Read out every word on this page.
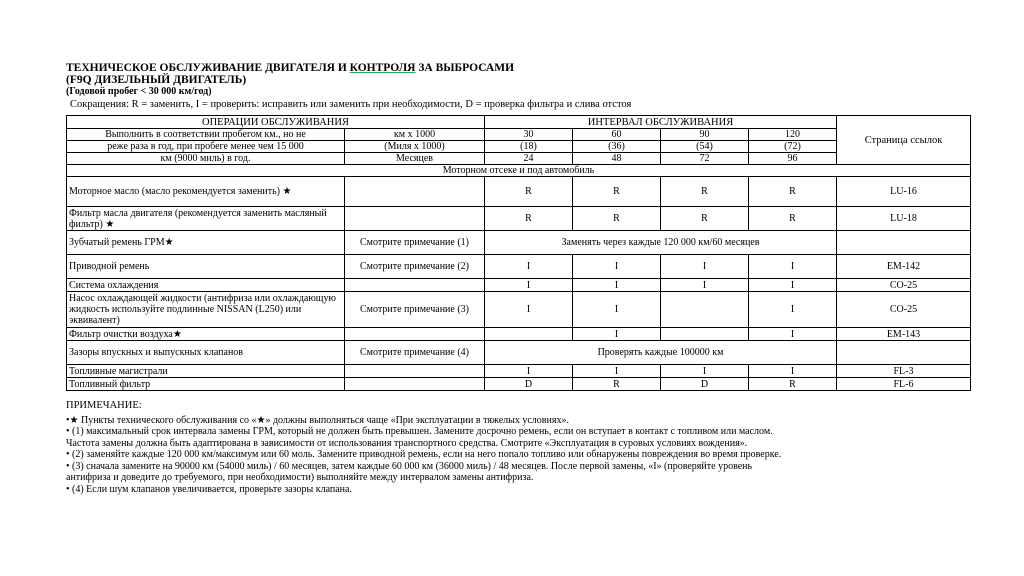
ТЕХНИЧЕСКОЕ ОБСЛУЖИВАНИЕ ДВИГАТЕЛЯ И КОНТРОЛЯ ЗА ВЫБРОСАМИ
(F9Q ДИЗЕЛЬНЫЙ ДВИГАТЕЛЬ)
(Годовой пробег < 30 000 км/год)
Сокращения: R = заменить, I = проверить: исправить или заменить при необходимости, D = проверка фильтра и слива отстоя
ОПЕРАЦИИ ОБСЛУЖИВАНИЯ		ИНТЕРВАЛ ОБСЛУЖИВАНИЯ				Страница ссылок
Выполнить в соответствии пробегом км., но не	км х 1000	30	60	90	120	
реже раза в год, при пробеге менее чем 15 000	(Миля х 1000)	(18)	(36)	(54)	(72)	
км (9000 миль) в год.	Месяцев	24	48	72	96	
Моторном отсеке и под автомобиль						
Моторное масло (масло рекомендуется заменить) ★		R	R	R	R	LU-16
Фильтр масла двигателя (рекомендуется заменить масляный фильтр) ★		R	R	R	R	LU-18
Зубчатый ремень ГРМ★	Смотрите примечание (1)	Заменять через каждые 120 000 км/60 месяцев				
Приводной ремень	Смотрите примечание (2)	I	I	I	I	EM-142
Система охлаждения		I	I	I	I	CO-25
Насос охлаждающей жидкости (антифриза или охлаждающую жидкость используйте подлинные NISSAN (L250) или эквивалент)	Смотрите примечание (3)	I	I		I	CO-25
Фильтр очистки воздуха★			I		I	EM-143
Зазоры впускных и выпускных клапанов	Смотрите примечание (4)	Проверять каждые 100000 км				
Топливные магистрали		I	I	I	I	FL-3
Топливный фильтр		D	R	D	R	FL-6
ПРИМЕЧАНИЕ:
•★ Пункты технического обслуживания со «★» должны выполняться чаще «При эксплуатации в тяжелых условиях».
• (1) максимальный срок интервала замены ГРМ, который не должен быть превышен. Замените досрочно ремень, если он вступает в контакт с топливом или маслом.
Частота замены должна быть адаптирована в зависимости от использования транспортного средства. Смотрите «Эксплуатация в суровых условиях вождения».
• (2) заменяйте каждые 120 000 км/максимум или 60 моль. Замените приводной ремень, если на него попало топливо или обнаружены повреждения во время проверке.
• (3) сначала замените на 90000 км (54000 миль) / 60 месяцев, затем каждые 60 000 км (36000 миль) / 48 месяцев. После первой замены, «I» (проверяйте уровень
антифриза и доведите до требуемого, при необходимости) выполняйте между интервалом замены антифриза.
• (4) Если шум клапанов увеличивается, проверьте зазоры клапана.
